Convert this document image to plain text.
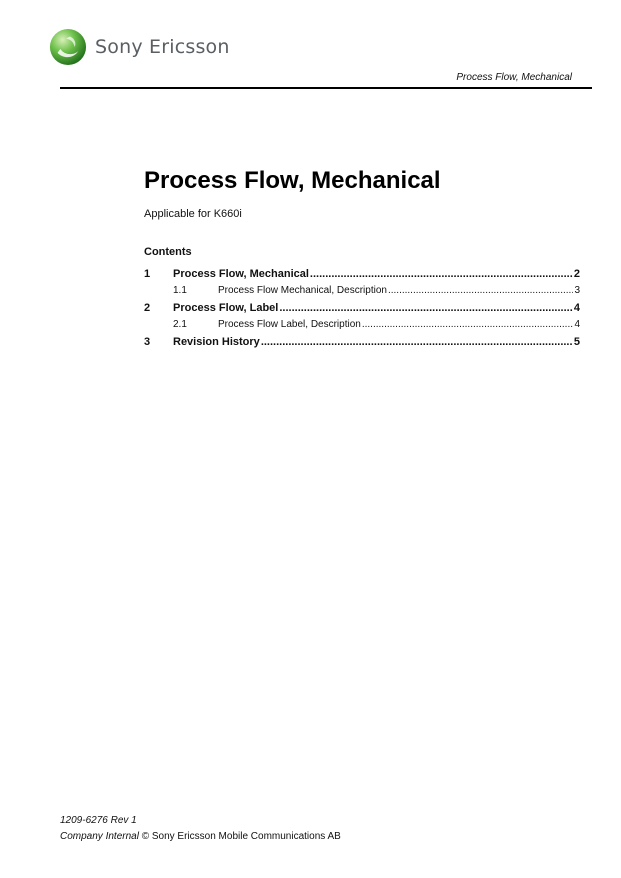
Sony Ericsson
Process Flow, Mechanical
Process Flow, Mechanical
Applicable for K660i
Contents
1	Process Flow, Mechanical .....	2
1.1	Process Flow Mechanical, Description .....	3
2	Process Flow, Label .....	4
2.1	Process Flow Label, Description .....	4
3	Revision History .....	5
1209-6276 Rev 1
Company Internal © Sony Ericsson Mobile Communications AB
